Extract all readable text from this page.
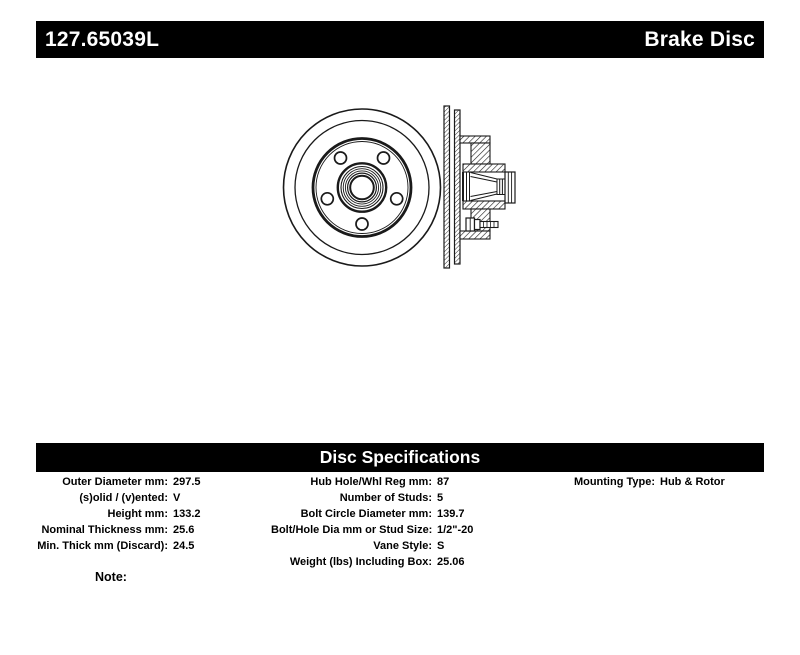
127.65039L	Brake Disc
Disc Specifications
Outer Diameter mm: 297.5
(s)olid / (v)ented: V
Height mm: 133.2
Nominal Thickness mm: 25.6
Min. Thick mm (Discard): 24.5
Hub Hole/Whl Reg mm: 87
Number of Studs: 5
Bolt Circle Diameter mm: 139.7
Bolt/Hole Dia mm or Stud Size: 1/2"-20
Vane Style: S
Weight (lbs) Including Box: 25.06
Mounting Type: Hub & Rotor
Note:
